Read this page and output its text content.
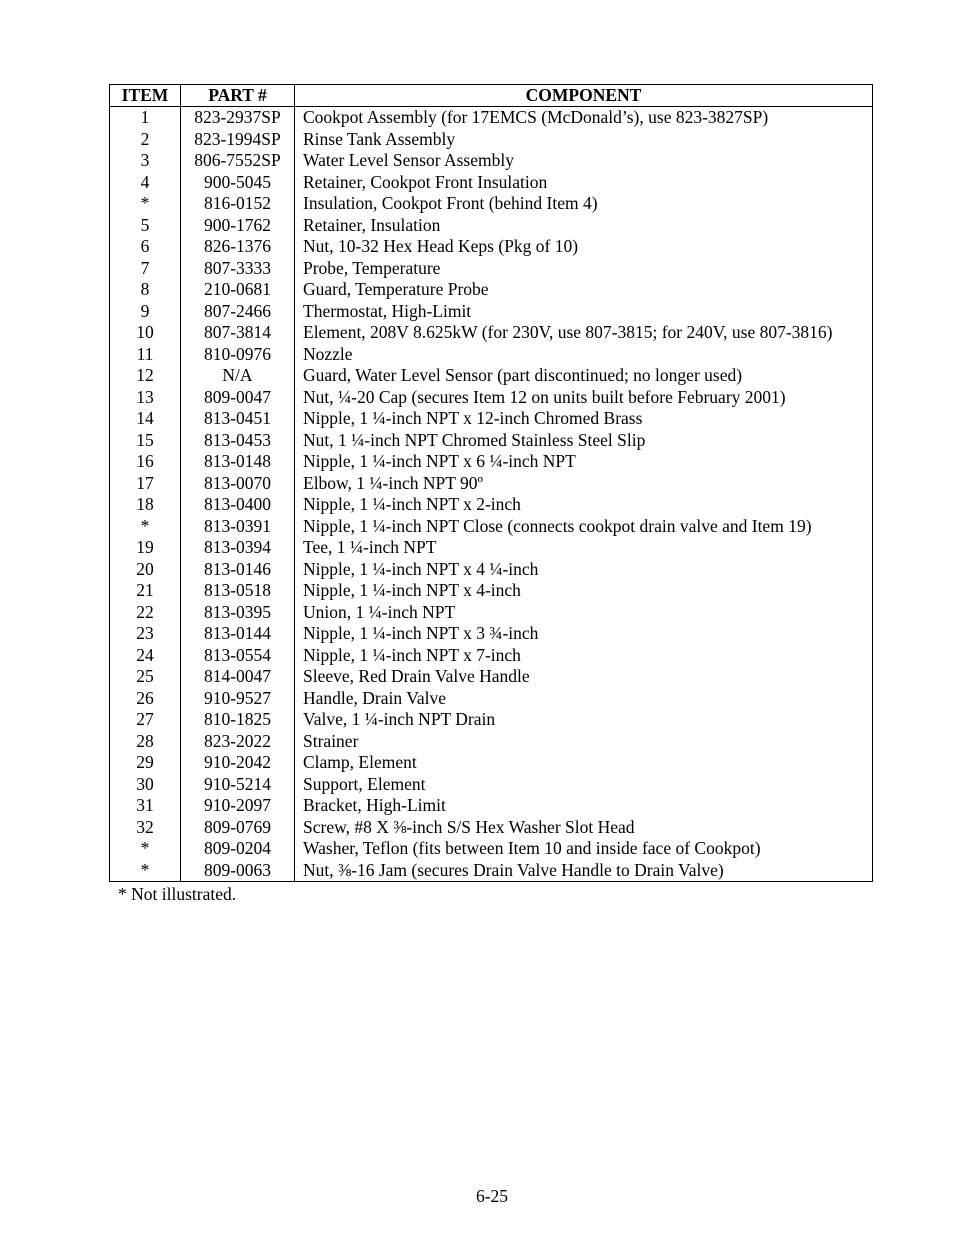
ITEM	PART #	COMPONENT
1	823-2937SP	Cookpot Assembly (for 17EMCS (McDonald’s), use 823-3827SP)
2	823-1994SP	Rinse Tank Assembly
3	806-7552SP	Water Level Sensor Assembly
4	900-5045	Retainer, Cookpot Front Insulation
*	816-0152	Insulation, Cookpot Front (behind Item 4)
5	900-1762	Retainer, Insulation
6	826-1376	Nut, 10-32 Hex Head Keps (Pkg of 10)
7	807-3333	Probe, Temperature
8	210-0681	Guard, Temperature Probe
9	807-2466	Thermostat, High-Limit
10	807-3814	Element, 208V 8.625kW (for 230V, use 807-3815; for 240V, use 807-3816)
11	810-0976	Nozzle
12	N/A	Guard, Water Level Sensor (part discontinued; no longer used)
13	809-0047	Nut, ¼-20 Cap (secures Item 12 on units built before February 2001)
14	813-0451	Nipple, 1 ¼-inch NPT x 12-inch Chromed Brass
15	813-0453	Nut, 1 ¼-inch NPT Chromed Stainless Steel Slip
16	813-0148	Nipple, 1 ¼-inch NPT x 6 ¼-inch NPT
17	813-0070	Elbow, 1 ¼-inch NPT 90º
18	813-0400	Nipple, 1 ¼-inch NPT x 2-inch
*	813-0391	Nipple, 1 ¼-inch NPT Close (connects cookpot drain valve and Item 19)
19	813-0394	Tee, 1 ¼-inch NPT
20	813-0146	Nipple, 1 ¼-inch NPT x 4 ¼-inch
21	813-0518	Nipple, 1 ¼-inch NPT x 4-inch
22	813-0395	Union, 1 ¼-inch NPT
23	813-0144	Nipple, 1 ¼-inch NPT x 3 ¾-inch
24	813-0554	Nipple, 1 ¼-inch NPT x 7-inch
25	814-0047	Sleeve, Red Drain Valve Handle
26	910-9527	Handle, Drain Valve
27	810-1825	Valve, 1 ¼-inch NPT Drain
28	823-2022	Strainer
29	910-2042	Clamp, Element
30	910-5214	Support, Element
31	910-2097	Bracket, High-Limit
32	809-0769	Screw, #8 X ⅜-inch S/S Hex Washer Slot Head
*	809-0204	Washer, Teflon (fits between Item 10 and inside face of Cookpot)
*	809-0063	Nut, ⅜-16 Jam (secures Drain Valve Handle to Drain Valve)
* Not illustrated.
6-25
